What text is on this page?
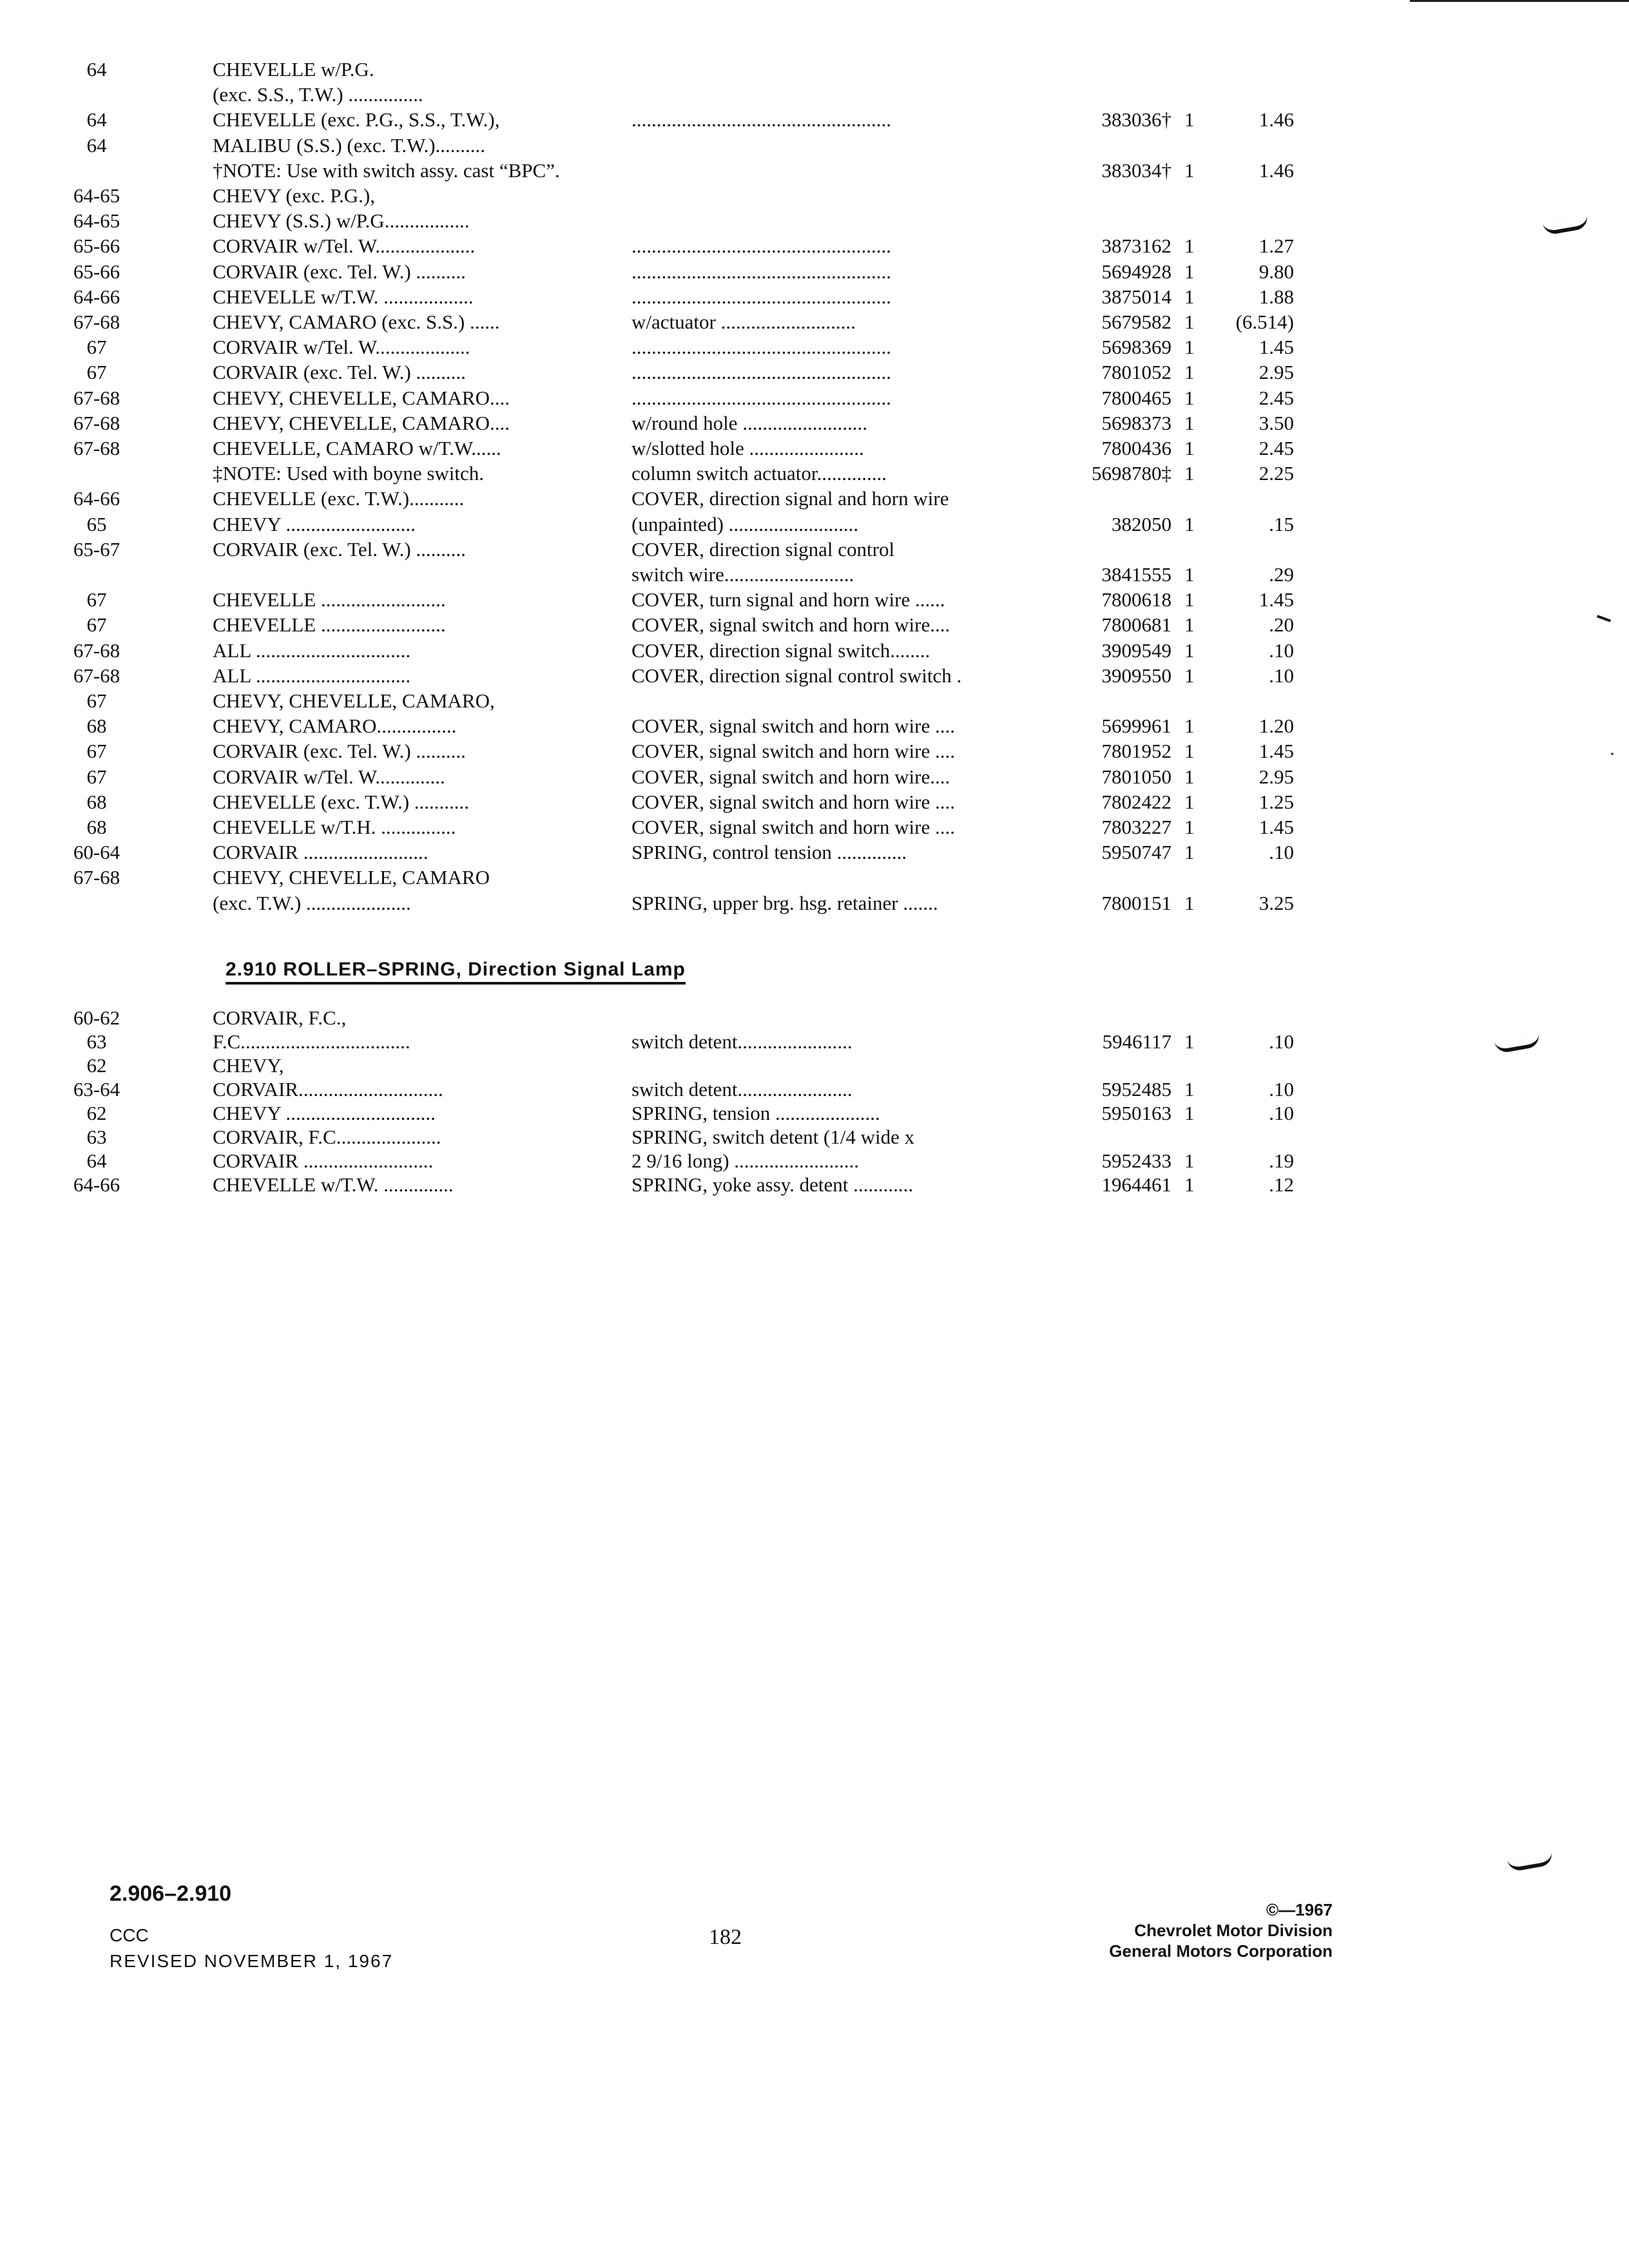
64	CHEVELLE w/P.G.
(exc. S.S., T.W.) ...............
64	CHEVELLE (exc. P.G., S.S., T.W.),	....................................................	383036† 1	1.46
64	MALIBU (S.S.) (exc. T.W.)..........
†NOTE: Use with switch assy. cast “BPC”.	383034† 1	1.46
64-65	CHEVY (exc. P.G.),
64-65	CHEVY (S.S.) w/P.G.................
65-66	CORVAIR w/Tel. W....................	....................................................	3873162 1	1.27
65-66	CORVAIR (exc. Tel. W.) ..........	....................................................	5694928 1	9.80
64-66	CHEVELLE w/T.W. ..................	....................................................	3875014 1	1.88
67-68	CHEVY, CAMARO (exc. S.S.) ......	w/actuator ...........................	5679582 1 (6.514)
67	CORVAIR w/Tel. W...................	....................................................	5698369 1	1.45
67	CORVAIR (exc. Tel. W.) ..........	....................................................	7801052 1	2.95
67-68	CHEVY, CHEVELLE, CAMARO....	....................................................	7800465 1	2.45
67-68	CHEVY, CHEVELLE, CAMARO....	w/round hole .........................	5698373 1	3.50
67-68	CHEVELLE, CAMARO w/T.W......	w/slotted hole .......................	7800436 1	2.45
‡NOTE: Used with boyne switch.	column switch actuator..............	5698780‡ 1	2.25
64-66	CHEVELLE (exc. T.W.)...........	COVER, direction signal and horn wire
65	CHEVY ..........................	(unpainted) ..........................	382050 1	.15
65-67	CORVAIR (exc. Tel. W.) ..........	COVER, direction signal control
switch wire..........................	3841555 1	.29
67	CHEVELLE .........................	COVER, turn signal and horn wire ......	7800618 1	1.45
67	CHEVELLE .........................	COVER, signal switch and horn wire....	7800681 1	.20
67-68	ALL ...............................	COVER, direction signal switch........	3909549 1	.10
67-68	ALL ...............................	COVER, direction signal control switch .	3909550 1	.10
67	CHEVY, CHEVELLE, CAMARO,
68	CHEVY, CAMARO................	COVER, signal switch and horn wire ....	5699961 1	1.20
67	CORVAIR (exc. Tel. W.) ..........	COVER, signal switch and horn wire ....	7801952 1	1.45
67	CORVAIR w/Tel. W..............	COVER, signal switch and horn wire....	7801050 1	2.95
68	CHEVELLE (exc. T.W.) ...........	COVER, signal switch and horn wire ....	7802422 1	1.25
68	CHEVELLE w/T.H. ...............	COVER, signal switch and horn wire ....	7803227 1	1.45
60-64	CORVAIR .........................	SPRING, control tension ..............	5950747 1	.10
67-68	CHEVY, CHEVELLE, CAMARO
(exc. T.W.) .....................	SPRING, upper brg. hsg. retainer .......	7800151 1	3.25
2.910 ROLLER–SPRING, Direction Signal Lamp
60-62	CORVAIR, F.C.,
63	F.C..................................	switch detent.......................	5946117 1	.10
62	CHEVY,
63-64	CORVAIR.............................	switch detent.......................	5952485 1	.10
62	CHEVY ..............................	SPRING, tension .....................	5950163 1	.10
63	CORVAIR, F.C.....................	SPRING, switch detent (1/4 wide x
64	CORVAIR ..........................	2 9/16 long) .........................	5952433 1	.19
64-66	CHEVELLE w/T.W. ..............	SPRING, yoke assy. detent ............	1964461 1	.12
2.906–2.910
CCC
REVISED NOVEMBER 1, 1967
182
©—1967
Chevrolet Motor Division
General Motors Corporation
